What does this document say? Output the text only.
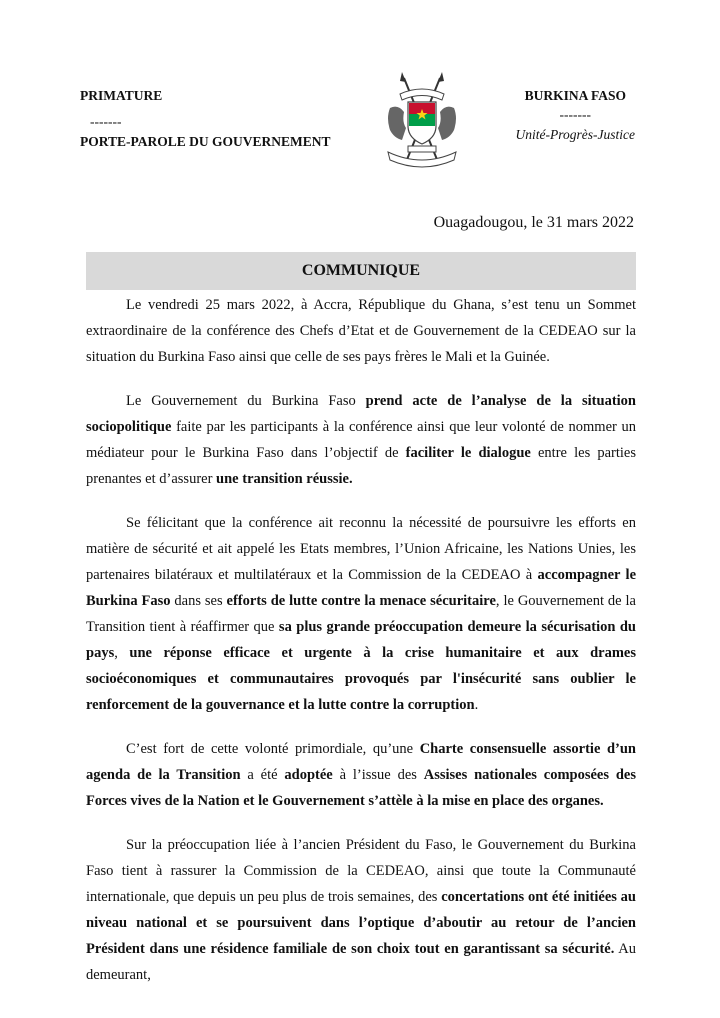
PRIMATURE
-------
PORTE-PAROLE DU GOUVERNEMENT
BURKINA FASO
-------
Unité-Progrès-Justice
Ouagadougou, le 31 mars 2022
COMMUNIQUE

Le vendredi 25 mars 2022, à Accra, République du Ghana, s’est tenu un Sommet extraordinaire de la conférence des Chefs d’Etat et de Gouvernement de la CEDEAO sur la situation du Burkina Faso ainsi que celle de ses pays frères le Mali et la Guinée.

Le Gouvernement du Burkina Faso prend acte de l’analyse de la situation sociopolitique faite par les participants à la conférence ainsi que leur volonté de nommer un médiateur pour le Burkina Faso dans l’objectif de faciliter le dialogue entre les parties prenantes et d’assurer une transition réussie.

Se félicitant que la conférence ait reconnu la nécessité de poursuivre les efforts en matière de sécurité et ait appelé les Etats membres, l’Union Africaine, les Nations Unies, les partenaires bilatéraux et multilatéraux et la Commission de la CEDEAO à accompagner le Burkina Faso dans ses efforts de lutte contre la menace sécuritaire, le Gouvernement de la Transition tient à réaffirmer que sa plus grande préoccupation demeure la sécurisation du pays, une réponse efficace et urgente à la crise humanitaire et aux drames socioéconomiques et communautaires provoqués par l'insécurité sans oublier le renforcement de la gouvernance et la lutte contre la corruption.

C’est fort de cette volonté primordiale, qu’une Charte consensuelle assortie d’un agenda de la Transition a été adoptée à l’issue des Assises nationales composées des Forces vives de la Nation et le Gouvernement s’attèle à la mise en place des organes.

Sur la préoccupation liée à l’ancien Président du Faso, le Gouvernement du Burkina Faso tient à rassurer la Commission de la CEDEAO, ainsi que toute la Communauté internationale, que depuis un peu plus de trois semaines, des concertations ont été initiées au niveau national et se poursuivent dans l’optique d’aboutir au retour de l’ancien Président dans une résidence familiale de son choix tout en garantissant sa sécurité. Au demeurant,
